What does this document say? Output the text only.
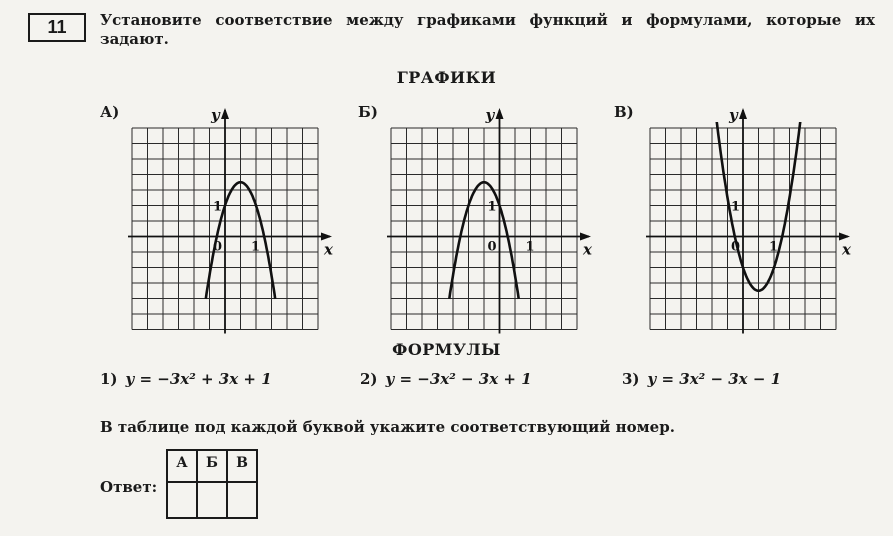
11	Установите соответствие между графиками функций и формулами, которые их задают.
ГРАФИКИ
А)	y
x
0 1
1
Б)	y
x
0 1
1
В)	y
x
0 1
1
ФОРМУЛЫ
1) y = −3x² + 3x + 1	2) y = −3x² − 3x + 1	3) y = 3x² − 3x − 1
В таблице под каждой буквой укажите соответствующий номер.
Ответ:
А	Б	В
